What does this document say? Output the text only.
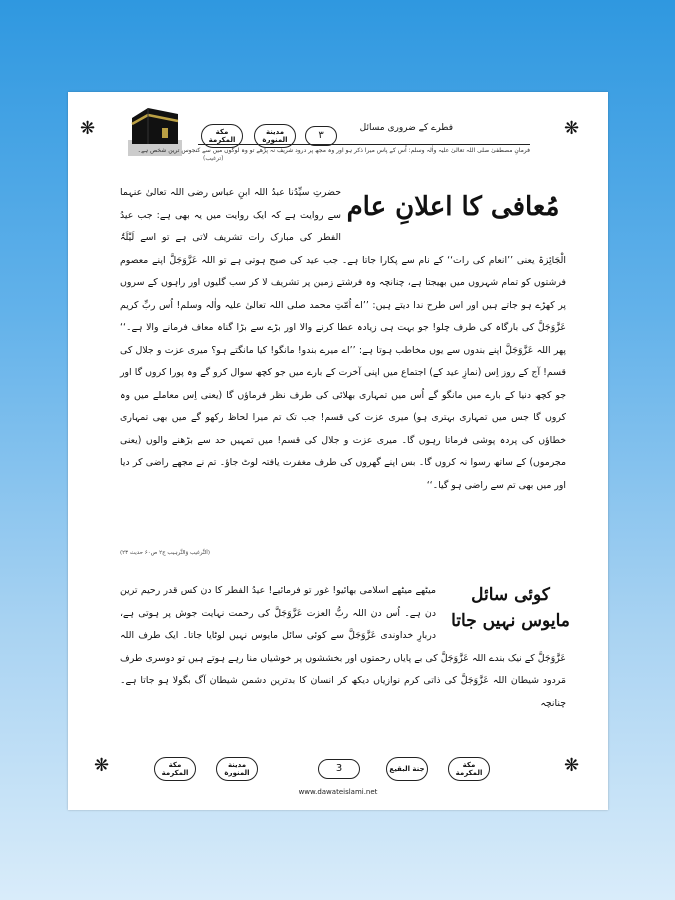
❋	مكة المكرمة
مدينة المنورة	٣
فطرے کے ضروری مسائل	❋
فرمانِ مصطفیٰ صلی اللہ تعالیٰ علیہ واٰلہ وسلم: اُس کے پاس میرا ذکر ہو اور وہ مجھ پر درود شریف نہ پڑھے تو وہ لوگوں میں سے کنجوس ترین شخص ہے۔
(ترغیب)
مُعافی کا اعلانِ عام
حضرتِ سیِّدُنا عبدُ اللہ ابنِ عباس رضی اللہ تعالیٰ عنہما سے روایت ہے کہ ایک روایت میں یہ بھی ہے: جب عیدُ الفطر کی مبارک رات تشریف لاتی ہے تو اسے لَیْلَۃُ الْجَائِزۃ یعنی ’’انعام کی رات‘‘ کے نام سے پکارا جاتا ہے۔ جب عید کی صبح ہوتی ہے تو اللہ عَزَّوَجَلَّ اپنے معصوم فرشتوں کو تمام شہروں میں بھیجتا ہے، چنانچہ وہ فرشتے زمین پر تشریف لا کر سب گلیوں اور راہوں کے سروں پر کھڑے ہو جاتے ہیں اور اس طرح ندا دیتے ہیں: ’’اے اُمّتِ محمد صلی اللہ تعالیٰ علیہ واٰلہ وسلم! اُس ربِّ کریم عَزَّوَجَلَّ کی بارگاہ کی طرف چلو! جو بہت ہی زیادہ عطا کرنے والا اور بڑے سے بڑا گناہ معاف فرمانے والا ہے۔‘‘ پھر اللہ عَزَّوَجَلَّ اپنے بندوں سے یوں مخاطب ہوتا ہے: ’’اے میرے بندو! مانگو! کیا مانگتے ہو؟ میری عزت و جلال کی قسم! آج کے روز اِس (نمازِ عید کے) اجتماع میں اپنی آخرت کے بارے میں جو کچھ سوال کرو گے وہ پورا کروں گا اور جو کچھ دنیا کے بارے میں مانگو گے اُس میں تمہاری بھلائی کی طرف نظر فرماؤں گا (یعنی اِس معاملے میں وہ کروں گا جس میں تمہاری بہتری ہو) میری عزت کی قسم! جب تک تم میرا لحاظ رکھو گے میں بھی تمہاری خطاؤں کی پردہ پوشی فرماتا رہوں گا۔ میری عزت و جلال کی قسم! میں تمہیں حد سے بڑھنے والوں (یعنی مجرموں) کے ساتھ رسوا نہ کروں گا۔ بس اپنے گھروں کی طرف مغفرت یافتہ لوٹ جاؤ۔ تم نے مجھے راضی کر دیا اور میں بھی تم سے راضی ہو گیا۔‘‘
(اَلتَّرغیب وَالتَّرہیب ج۲ ص۶۰ حدیث ۲۳)
کوئی سائل مایوس نہیں جاتا
میٹھے میٹھے اسلامی بھائیو! غور تو فرمائیے! عیدُ الفطر کا دن کس قدر رحیم ترین دن ہے۔ اُس دن اللہ ربُّ العزت عَزَّوَجَلَّ کی رحمت نہایت جوش پر ہوتی ہے، دربارِ خداوندی عَزَّوَجَلَّ سے کوئی سائل مایوس نہیں لوٹایا جاتا۔ ایک طرف اللہ عَزَّوَجَلَّ کے نیک بندے اللہ عَزَّوَجَلَّ کی بے پایاں رحمتوں اور بخششوں پر خوشیاں منا رہے ہوتے ہیں تو دوسری طرف مَردود شیطان اللہ عَزَّوَجَلَّ کی ذاتی کرم نوازیاں دیکھ کر انسان کا بدترین دشمن شیطان آگ بگولا ہو جاتا ہے۔ چنانچہ
❋	مكة المكرمة
مدينة المنورة	3	جنة البقيع	مكة المكرمة	❋
www.dawateislami.net
